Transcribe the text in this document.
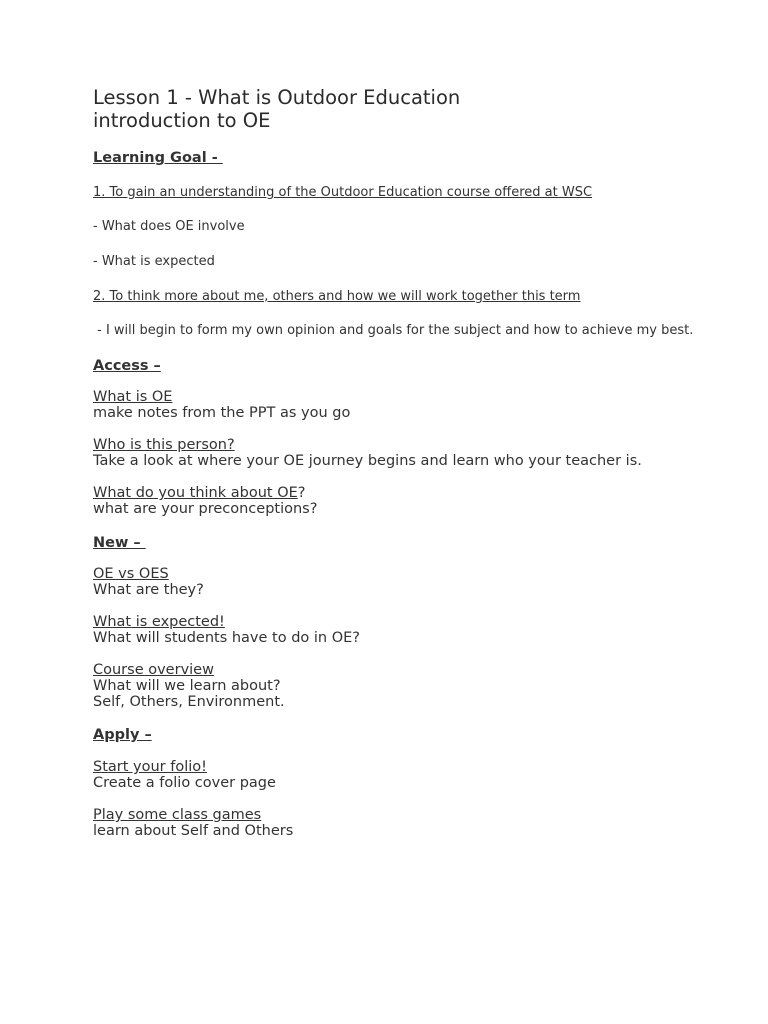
Lesson 1 - What is Outdoor Education

introduction to OE

Learning Goal -

1. To gain an understanding of the Outdoor Education course offered at WSC

- What does OE involve

- What is expected

2. To think more about me, others and how we will work together this term

- I will begin to form my own opinion and goals for the subject and how to achieve my best.

Access –

What is OE

make notes from the PPT as you go

Who is this person?

Take a look at where your OE journey begins and learn who your teacher is.

What do you think about OE?

what are your preconceptions?

New –

OE vs OES

What are they?

What is expected!

What will students have to do in OE?

Course overview

What will we learn about?

Self, Others, Environment.

Apply –

Start your folio!

Create a folio cover page

Play some class games

learn about Self and Others
